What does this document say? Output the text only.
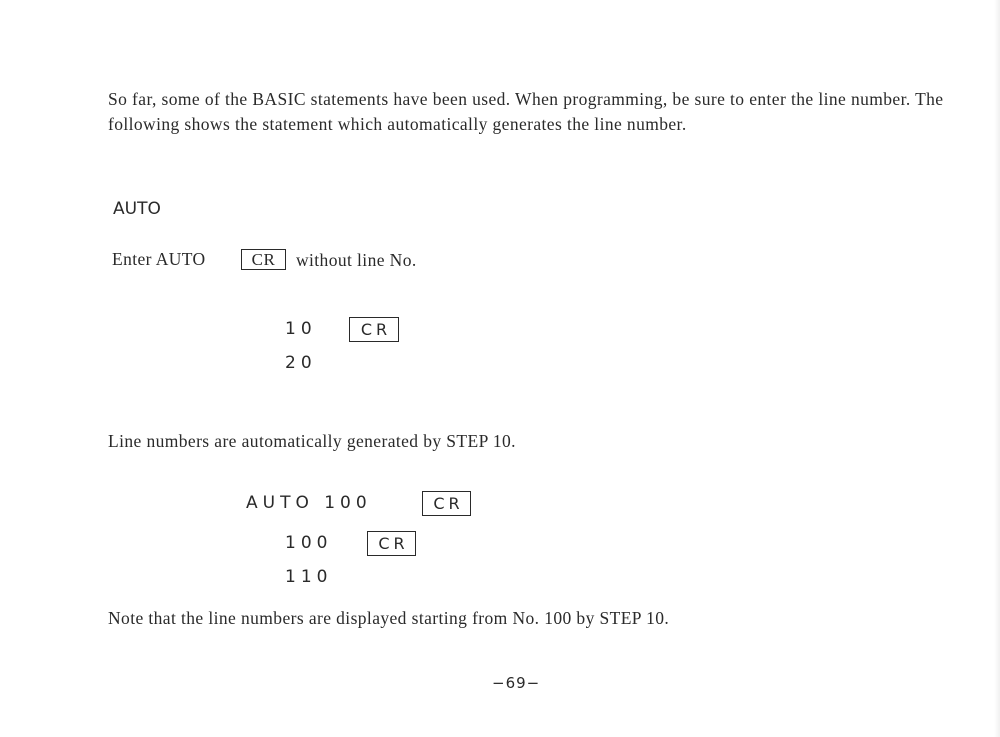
So far, some of the BASIC statements have been used. When programming, be sure to enter the line number. The following shows the statement which automatically generates the line number.
AUTO
Enter AUTO	CR without line No.
10	CR
20
Line numbers are automatically generated by STEP 10.
AUTO 100	CR
100	CR
110
Note that the line numbers are displayed starting from No. 100 by STEP 10.
−69−
